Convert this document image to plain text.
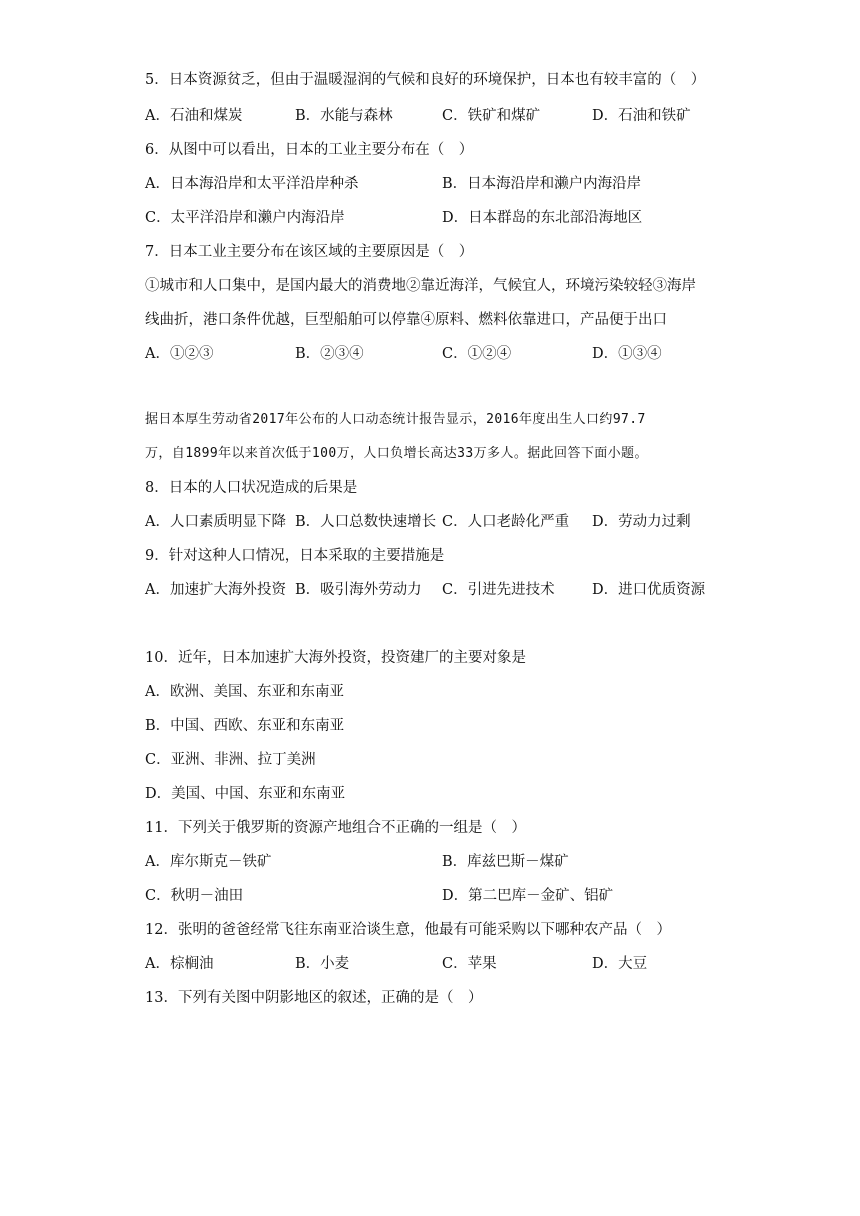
5．日本资源贫乏，但由于温暖湿润的气候和良好的环境保护，日本也有较丰富的（　）
A．石油和煤炭	B．水能与森林	C．铁矿和煤矿	D．石油和铁矿
6．从图中可以看出，日本的工业主要分布在（　）
A．日本海沿岸和太平洋沿岸种杀	B．日本海沿岸和濑户内海沿岸
C．太平洋沿岸和濑户内海沿岸	D．日本群岛的东北部沿海地区
7．日本工业主要分布在该区域的主要原因是（　）
①城市和人口集中，是国内最大的消费地②靠近海洋，气候宜人，环境污染较轻③海岸
线曲折，港口条件优越，巨型船舶可以停靠④原料、燃料依靠进口，产品便于出口
A．①②③	B．②③④	C．①②④	D．①③④
据日本厚生劳动省2017年公布的人口动态统计报告显示，2016年度出生人口约97.7
万，自1899年以来首次低于100万，人口负增长高达33万多人。据此回答下面小题。
8．日本的人口状况造成的后果是
A．人口素质明显下降 B．人口总数快速增长 C．人口老龄化严重 D．劳动力过剩
9．针对这种人口情况，日本采取的主要措施是
A．加速扩大海外投资 B．吸引海外劳动力 C．引进先进技术	D．进口优质资源
10．近年，日本加速扩大海外投资，投资建厂的主要对象是
A．欧洲、美国、东亚和东南亚
B．中国、西欧、东亚和东南亚
C．亚洲、非洲、拉丁美洲
D．美国、中国、东亚和东南亚
11．下列关于俄罗斯的资源产地组合不正确的一组是（　）
A．库尔斯克－铁矿	B．库兹巴斯－煤矿
C．秋明－油田	D．第二巴库－金矿、铝矿
12．张明的爸爸经常飞往东南亚洽谈生意，他最有可能采购以下哪种农产品（　）
A．棕榈油	B．小麦	C．苹果	D．大豆
13．下列有关图中阴影地区的叙述，正确的是（　）
